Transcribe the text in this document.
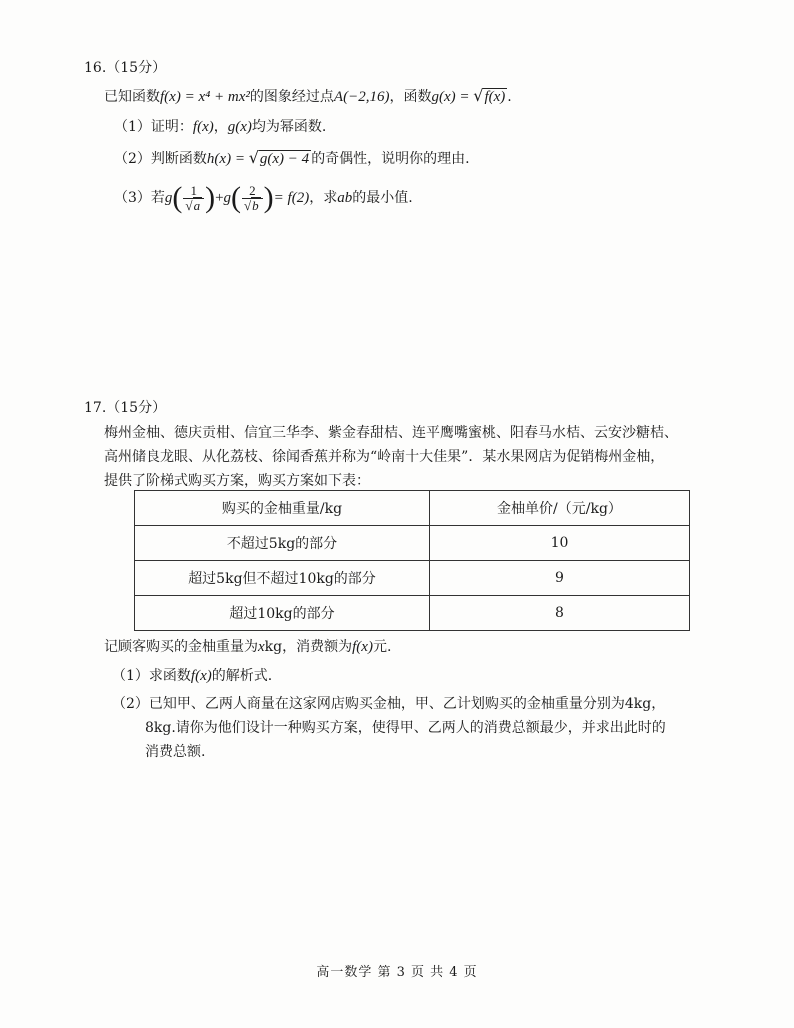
16.（15分）
已知函数f(x) = x⁴ + mx²的图象经过点A(−2,16)，函数g(x) = √f(x) .
（1）证明：f(x)，g(x)均为幂函数.
（2）判断函数h(x) = √g(x) − 4 的奇偶性，说明你的理由.
（3）若$g( \frac{1}{√a} )+g( \frac{2}{√b}$ )= f(2)，求ab的最小值.
17.（15分）
梅州金柚、德庆贡柑、信宜三华李、紫金春甜桔、连平鹰嘴蜜桃、阳春马水桔、云安沙糖桔、
高州储良龙眼、从化荔枝、徐闻香蕉并称为“岭南十大佳果”．某水果网店为促销梅州金柚，
提供了阶梯式购买方案，购买方案如下表：
购买的金柚重量/kg	金柚单价/（元/kg）
不超过5kg的部分	10
超过5kg但不超过10kg的部分	9
超过10kg的部分	8
记顾客购买的金柚重量为xkg，消费额为f(x)元.
（1）求函数f(x)的解析式.
（2）已知甲、乙两人商量在这家网店购买金柚，甲、乙计划购买的金柚重量分别为4kg，
8kg.请你为他们设计一种购买方案，使得甲、乙两人的消费总额最少，并求出此时的
消费总额.
高一数学 第 3 页 共 4 页
